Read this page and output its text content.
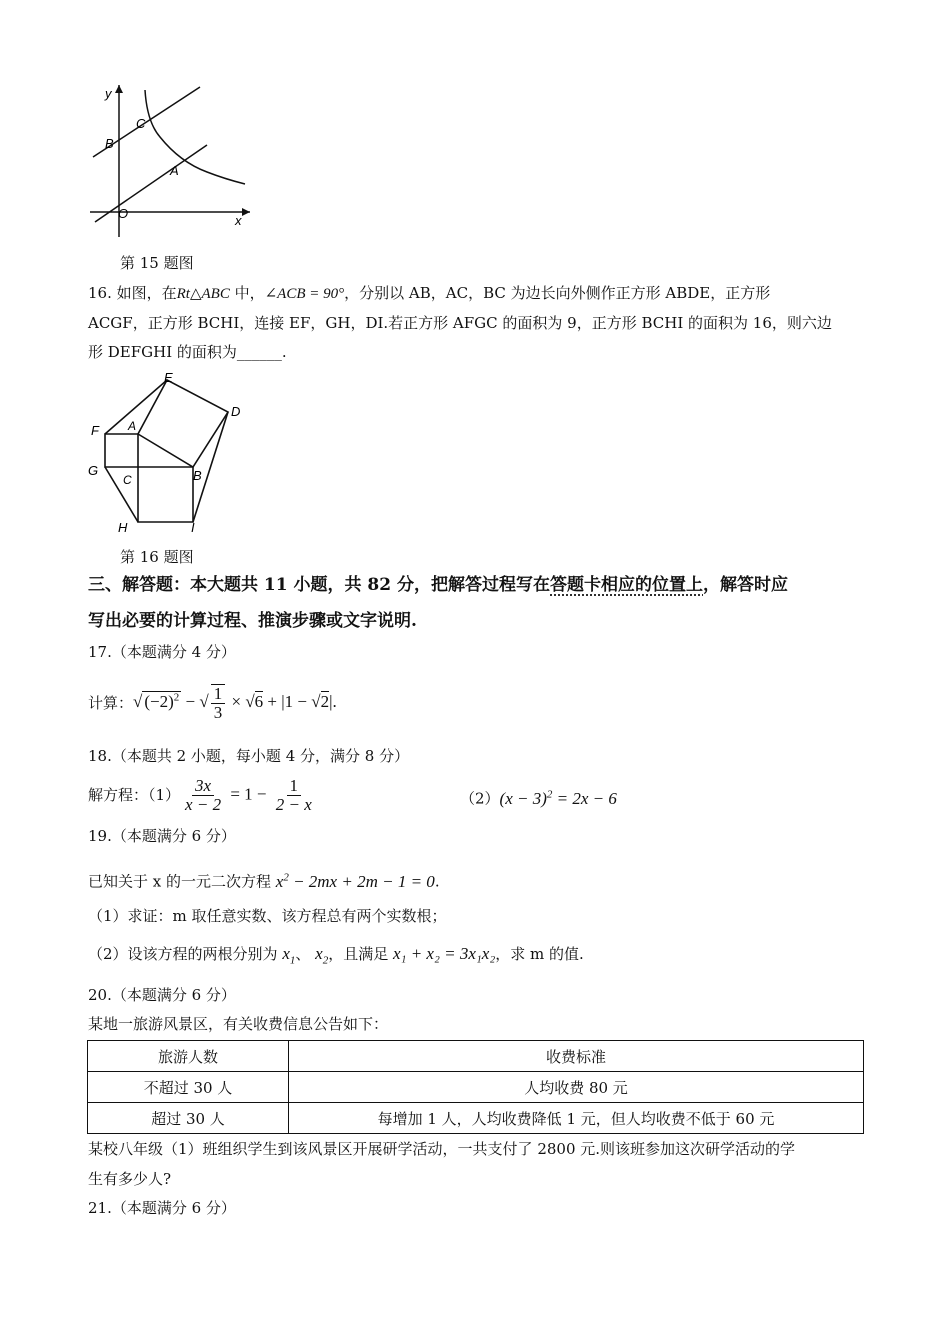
y
x
O
B
C
A
第 15 题图
16. 如图，在Rt△ABC 中，∠ACB = 90°，分别以 AB，AC，BC 为边长向外侧作正方形 ABDE，正方形
ACGF，正方形 BCHI，连接 EF，GH，DI.若正方形 AFGC 的面积为 9，正方形 BCHI 的面积为 16，则六边
形 DEFGHI 的面积为______.
E
D
F A
G
C	B
H	I
第 16 题图
三、解答题：本大题共 11 小题，共 82 分，把解答过程写在答题卡相应的位置上，解答时应
写出必要的计算过程、推演步骤或文字说明.
17.（本题满分 4 分）
计算： √ $(-2)^2$ − √ $\frac{1}{3} \times √6 + |1 - √2|$.
18.（本题共 2 小题，每小题 4 分，满分 8 分）
解方程：$(1) \frac{3x}{x - 2} = 1 - \frac{1}{2 - x}$	$(2)(x - 3)^2 = 2x - 6$
19.（本题满分 6 分）
已知关于 x 的一元二次方程 $x^2 - 2mx + 2m - 1 = 0$.
（1）求证：m 取任意实数、该方程总有两个实数根；
（2）设该方程的两根分别为 $x_1$、 $x_2$，且满足 x₁ + x₂ = 3x₁x₂，求 m 的值.
20.（本题满分 6 分）
某地一旅游风景区，有关收费信息公告如下：
旅游人数	收费标准
不超过 30 人	人均收费 80 元
超过 30 人	每增加 1 人，人均收费降低 1 元，但人均收费不低于 60 元
某校八年级（1）班组织学生到该风景区开展研学活动，一共支付了 2800 元.则该班参加这次研学活动的学
生有多少人?
21.（本题满分 6 分）
